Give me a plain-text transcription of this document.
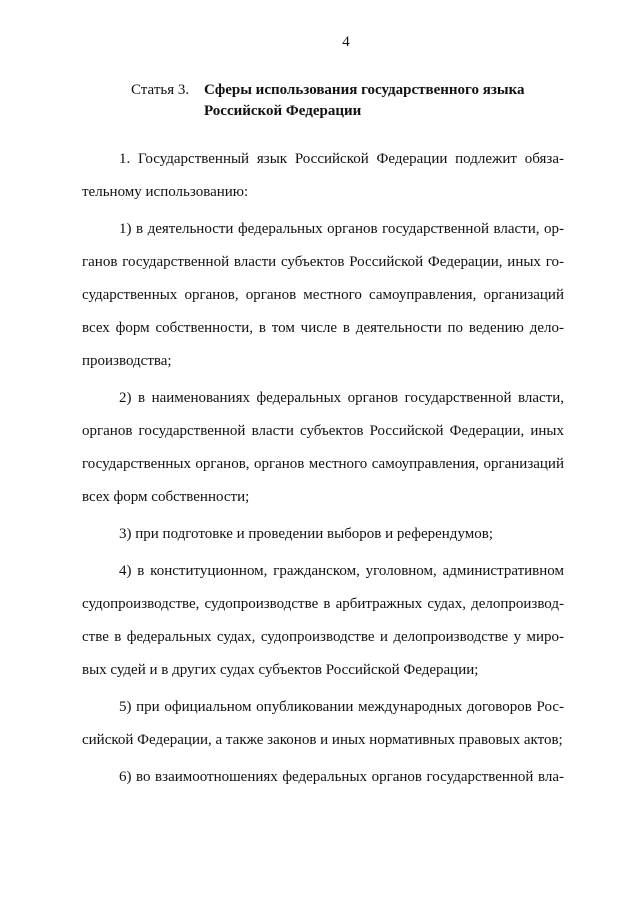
4
Статья 3. Сферы использования государственного языка
Российской Федерации
1. Государственный язык Российской Федерации подлежит обяза-
тельному использованию:
1) в деятельности федеральных органов государственной власти, ор-
ганов государственной власти субъектов Российской Федерации, иных го-
сударственных органов, органов местного самоуправления, организаций
всех форм собственности, в том числе в деятельности по ведению дело-
производства;
2) в наименованиях федеральных органов государственной власти,
органов государственной власти субъектов Российской Федерации, иных
государственных органов, органов местного самоуправления, организаций
всех форм собственности;
3) при подготовке и проведении выборов и референдумов;
4) в конституционном, гражданском, уголовном, административном
судопроизводстве, судопроизводстве в арбитражных судах, делопроизвод-
стве в федеральных судах, судопроизводстве и делопроизводстве у миро-
вых судей и в других судах субъектов Российской Федерации;
5) при официальном опубликовании международных договоров Рос-
сийской Федерации, а также законов и иных нормативных правовых актов;
6) во взаимоотношениях федеральных органов государственной вла-
